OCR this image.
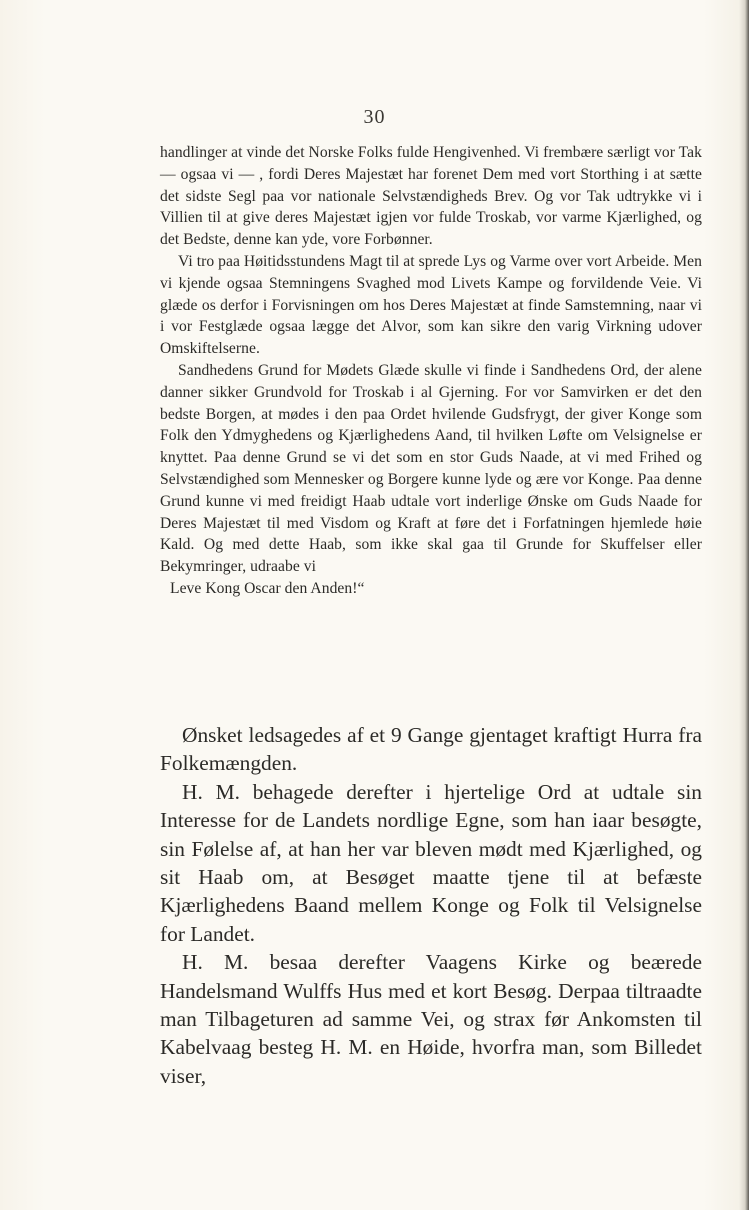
30

handlinger at vinde det Norske Folks fulde Hengivenhed. Vi frembære særligt vor Tak — ogsaa vi — , fordi Deres Majestæt har forenet Dem med vort Storthing i at sætte det sidste Segl paa vor nationale Selvstændigheds Brev. Og vor Tak udtrykke vi i Villien til at give deres Majestæt igjen vor fulde Troskab, vor varme Kjærlighed, og det Bedste, denne kan yde, vore Forbønner.

Vi tro paa Høitidsstundens Magt til at sprede Lys og Varme over vort Arbeide. Men vi kjende ogsaa Stemningens Svaghed mod Livets Kampe og forvildende Veie. Vi glæde os derfor i Forvisningen om hos Deres Majestæt at finde Samstemning, naar vi i vor Festglæde ogsaa lægge det Alvor, som kan sikre den varig Virkning udover Omskiftelserne.

Sandhedens Grund for Mødets Glæde skulle vi finde i Sandhedens Ord, der alene danner sikker Grundvold for Troskab i al Gjerning. For vor Samvirken er det den bedste Borgen, at mødes i den paa Ordet hvilende Gudsfrygt, der giver Konge som Folk den Ydmyghedens og Kjærlighedens Aand, til hvilken Løfte om Velsignelse er knyttet. Paa denne Grund se vi det som en stor Guds Naade, at vi med Frihed og Selvstændighed som Mennesker og Borgere kunne lyde og ære vor Konge. Paa denne Grund kunne vi med freidigt Haab udtale vort inderlige Ønske om Guds Naade for Deres Majestæt til med Visdom og Kraft at føre det i Forfatningen hjemlede høie Kald. Og med dette Haab, som ikke skal gaa til Grunde for Skuffelser eller Bekymringer, udraabe vi

Leve Kong Oscar den Anden!“

Ønsket ledsagedes af et 9 Gange gjentaget kraftigt Hurra fra Folkemængden.

H. M. behagede derefter i hjertelige Ord at udtale sin Interesse for de Landets nordlige Egne, som han iaar besøgte, sin Følelse af, at han her var bleven mødt med Kjærlighed, og sit Haab om, at Besøget maatte tjene til at befæste Kjærlighedens Baand mellem Konge og Folk til Velsignelse for Landet.

H. M. besaa derefter Vaagens Kirke og beærede Handelsmand Wulffs Hus med et kort Besøg. Derpaa tiltraadte man Tilbageturen ad samme Vei, og strax før Ankomsten til Kabelvaag besteg H. M. en Høide, hvorfra man, som Billedet viser,
